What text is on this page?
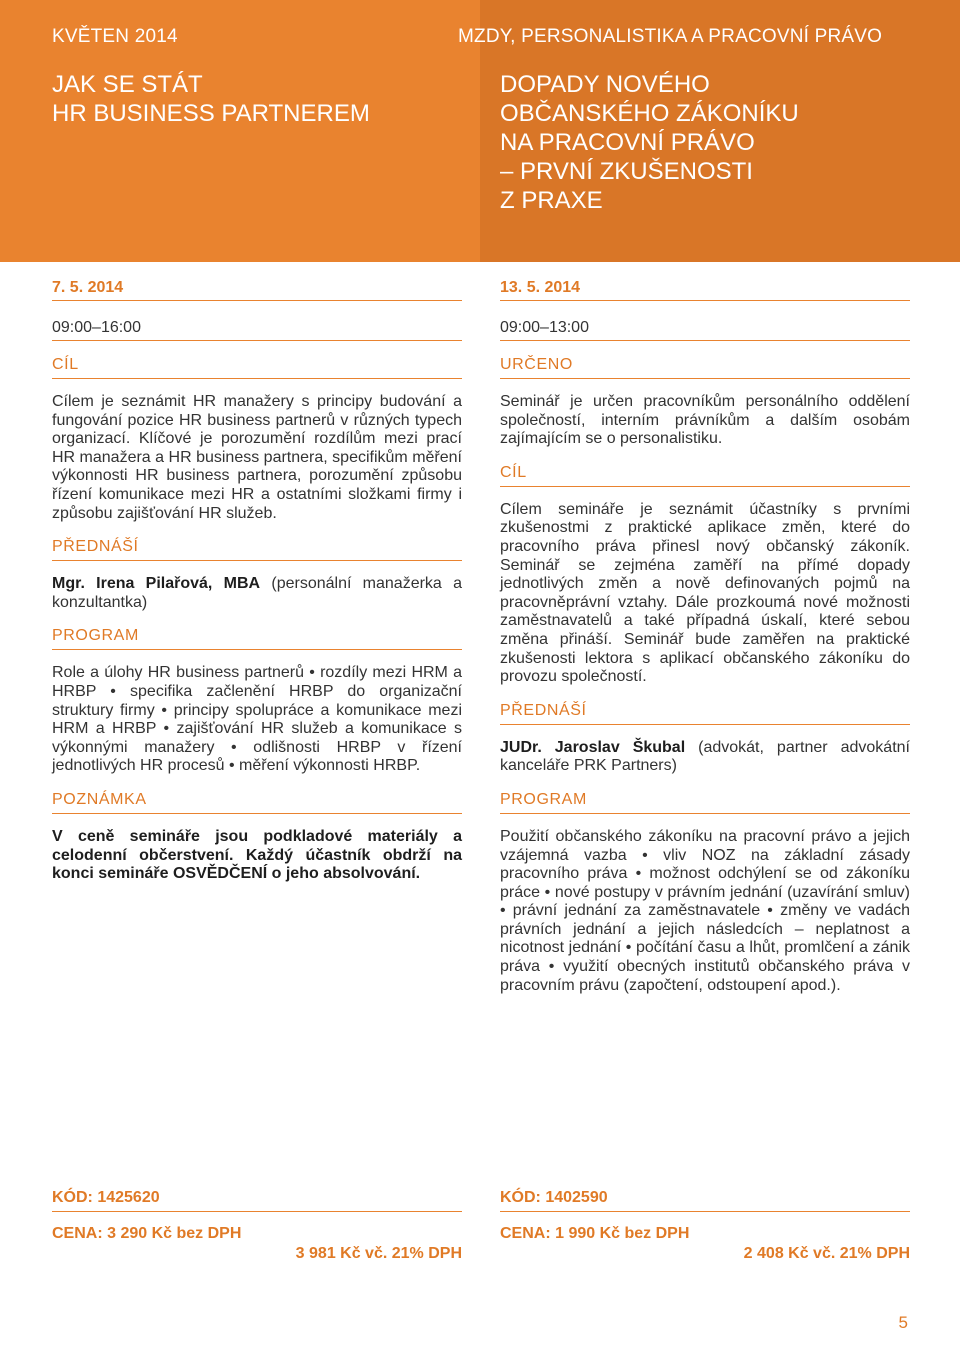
KVĚTEN 2014
JAK SE STÁT
HR BUSINESS PARTNEREM
MZDY, PERSONALISTIKA A PRACOVNÍ PRÁVO
DOPADY NOVÉHO
OBČANSKÉHO ZÁKONÍKU
NA PRACOVNÍ PRÁVO
– PRVNÍ ZKUŠENOSTI
Z PRAXE
7. 5. 2014
09:00–16:00
CÍL
Cílem je seznámit HR manažery s principy budování a fungování pozice HR business partnerů v různých typech organizací. Klíčové je porozumění rozdílům mezi prací HR manažera a HR business partnera, specifikům měření výkonnosti HR business partnera, porozumění způsobu řízení komunikace mezi HR a ostatními složkami firmy i způsobu zajišťování HR služeb.
PŘEDNÁŠÍ
Mgr. Irena Pilařová, MBA (personální manažerka a konzultantka)
PROGRAM
Role a úlohy HR business partnerů • rozdíly mezi HRM a HRBP • specifika začlenění HRBP do organizační struktury firmy • principy spolupráce a komunikace mezi HRM a HRBP • zajišťování HR služeb a komunikace s výkonnými manažery • odlišnosti HRBP v řízení jednotlivých HR procesů • měření výkonnosti HRBP.
POZNÁMKA
V ceně semináře jsou podkladové materiály a celodenní občerstvení. Každý účastník obdrží na konci semináře OSVĚDČENÍ o jeho absolvování.
13. 5. 2014
09:00–13:00
URČENO
Seminář je určen pracovníkům personálního oddělení společností, interním právníkům a dalším osobám zajímajícím se o personalistiku.
CÍL
Cílem semináře je seznámit účastníky s prvními zkušenostmi z praktické aplikace změn, které do pracovního práva přinesl nový občanský zákoník. Seminář se zejména zaměří na přímé dopady jednotlivých změn a nově definovaných pojmů na pracovněprávní vztahy. Dále prozkoumá nové možnosti zaměstnavatelů a také případná úskalí, které sebou změna přináší. Seminář bude zaměřen na praktické zkušenosti lektora s aplikací občanského zákoníku do provozu společností.
PŘEDNÁŠÍ
JUDr. Jaroslav Škubal (advokát, partner advokátní kanceláře PRK Partners)
PROGRAM
Použití občanského zákoníku na pracovní právo a jejich vzájemná vazba • vliv NOZ na základní zásady pracovního práva • možnost odchýlení se od zákoníku práce • nové postupy v právním jednání (uzavírání smluv) • právní jednání za zaměstnavatele • změny ve vadách právních jednání a jejich následcích – neplatnost a nicotnost jednání • počítání času a lhůt, promlčení a zánik práva • využití obecných institutů občanského práva v pracovním právu (započtení, odstoupení apod.).
KÓD: 1425620
CENA: 3 290 Kč bez DPH
3 981 Kč vč. 21% DPH
KÓD: 1402590
CENA: 1 990 Kč bez DPH
2 408 Kč vč. 21% DPH
5
